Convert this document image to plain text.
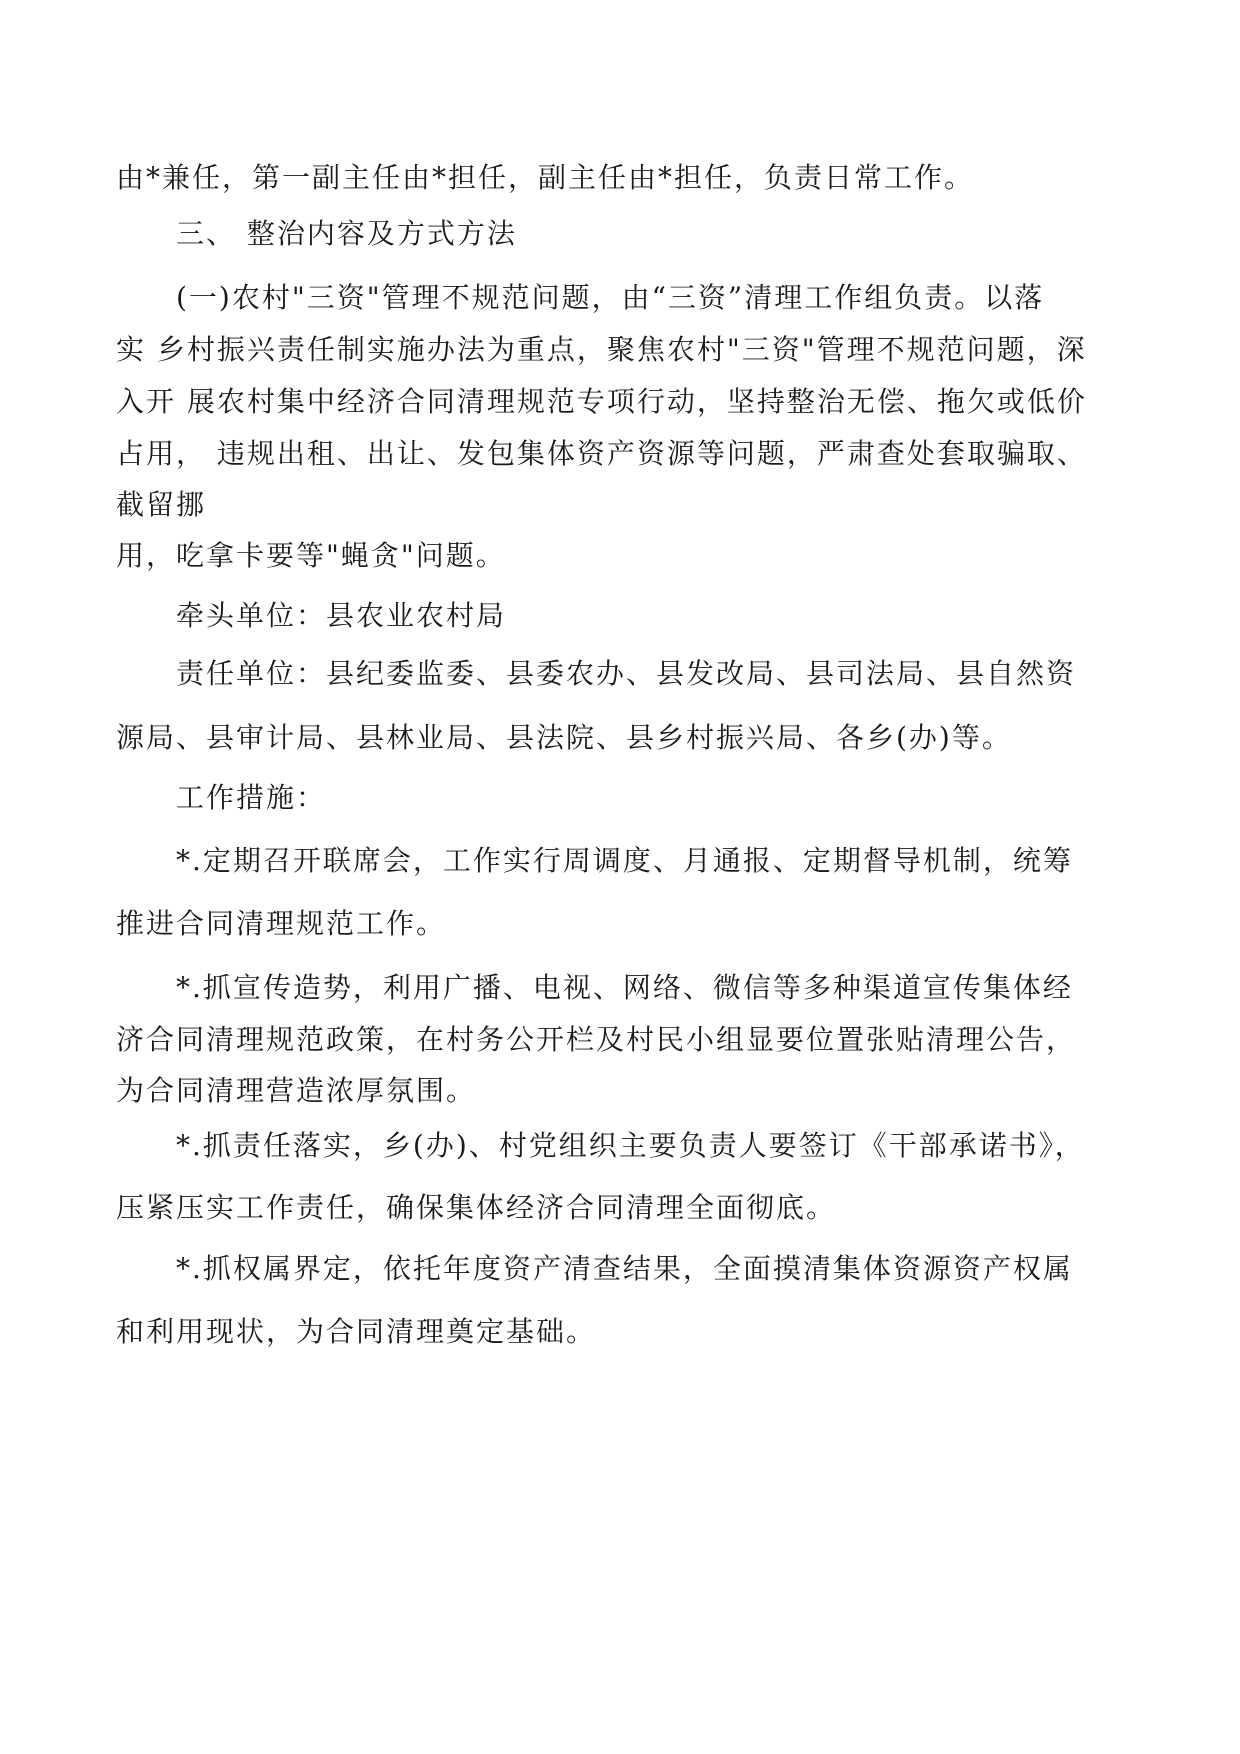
由*兼任，第一副主任由*担任，副主任由*担任，负责日常工作。
三、 整治内容及方式方法
(一)农村"三资"管理不规范问题，由“三资”清理工作组负责。以落
实 乡村振兴责任制实施办法为重点，聚焦农村"三资"管理不规范问题，深
入开 展农村集中经济合同清理规范专项行动，坚持整治无偿、拖欠或低价
占用， 违规出租、出让、发包集体资产资源等问题，严肃查处套取骗取、
截留挪
用，吃拿卡要等"蝇贪"问题。
牵头单位：县农业农村局
责任单位：县纪委监委、县委农办、县发改局、县司法局、县自然资
源局、县审计局、县林业局、县法院、县乡村振兴局、各乡(办)等。
工作措施：
*.定期召开联席会，工作实行周调度、月通报、定期督导机制，统筹
推进合同清理规范工作。
*.抓宣传造势，利用广播、电视、网络、微信等多种渠道宣传集体经
济合同清理规范政策，在村务公开栏及村民小组显要位置张贴清理公告，
为合同清理营造浓厚氛围。
*.抓责任落实，乡(办)、村党组织主要负责人要签订《干部承诺书》，
压紧压实工作责任，确保集体经济合同清理全面彻底。
*.抓权属界定，依托年度资产清查结果，全面摸清集体资源资产权属
和利用现状，为合同清理奠定基础。
